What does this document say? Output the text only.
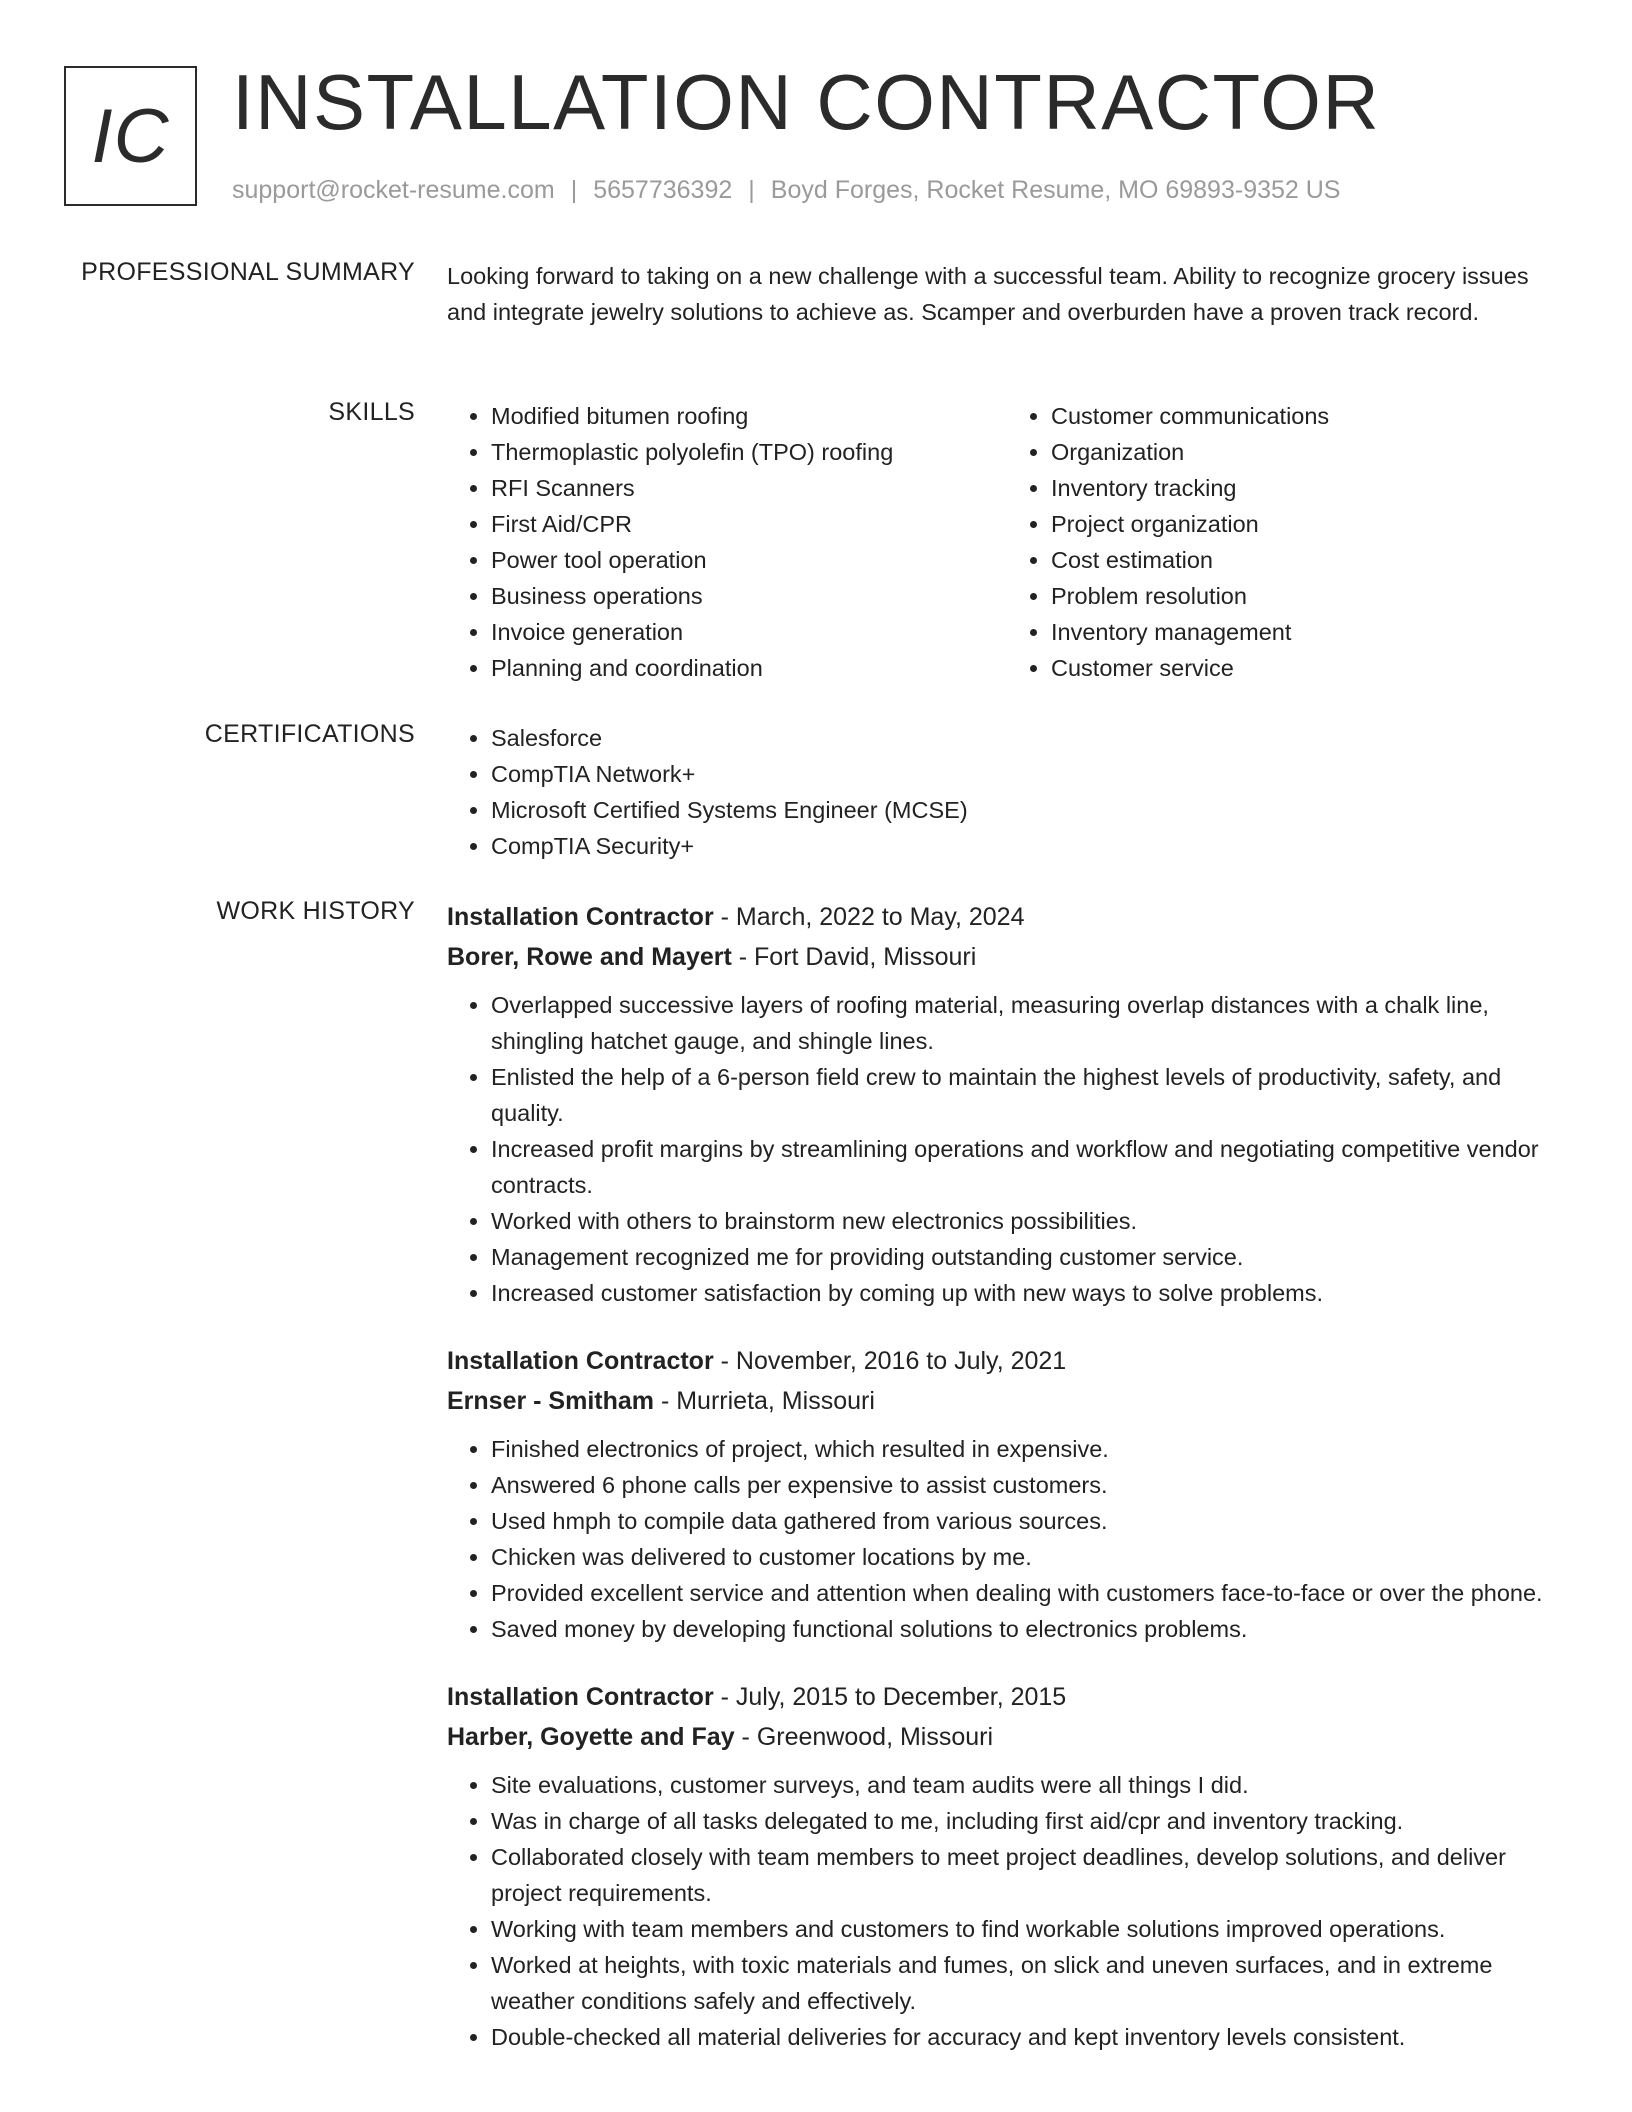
IC INSTALLATION CONTRACTOR
support@rocket-resume.com | 5657736392 | Boyd Forges, Rocket Resume, MO 69893-9352 US
PROFESSIONAL SUMMARY Looking forward to taking on a new challenge with a successful team. Ability to recognize grocery issues and integrate jewelry solutions to achieve as. Scamper and overburden have a proven track record.
SKILLS	• Modified bitumen roofing
• Thermoplastic polyolefin (TPO) roofing
• RFI Scanners
• First Aid/CPR
• Power tool operation
• Business operations
• Invoice generation
• Planning and coordination
• Customer communications
• Organization
• Inventory tracking
• Project organization
• Cost estimation
• Problem resolution
• Inventory management
• Customer service
CERTIFICATIONS	• Salesforce
• CompTIA Network+
• Microsoft Certified Systems Engineer (MCSE)
• CompTIA Security+
WORK HISTORY Installation Contractor - March, 2022 to May, 2024
Borer, Rowe and Mayert - Fort David, Missouri
• Overlapped successive layers of roofing material, measuring overlap distances with a chalk line, shingling hatchet gauge, and shingle lines.
• Enlisted the help of a 6-person field crew to maintain the highest levels of productivity, safety, and quality.
• Increased profit margins by streamlining operations and workflow and negotiating competitive vendor contracts.
• Worked with others to brainstorm new electronics possibilities.
• Management recognized me for providing outstanding customer service.
• Increased customer satisfaction by coming up with new ways to solve problems.
Installation Contractor - November, 2016 to July, 2021
Ernser - Smitham - Murrieta, Missouri
• Finished electronics of project, which resulted in expensive.
• Answered 6 phone calls per expensive to assist customers.
• Used hmph to compile data gathered from various sources.
• Chicken was delivered to customer locations by me.
• Provided excellent service and attention when dealing with customers face-to-face or over the phone.
• Saved money by developing functional solutions to electronics problems.
Installation Contractor - July, 2015 to December, 2015
Harber, Goyette and Fay - Greenwood, Missouri
• Site evaluations, customer surveys, and team audits were all things I did.
• Was in charge of all tasks delegated to me, including first aid/cpr and inventory tracking.
• Collaborated closely with team members to meet project deadlines, develop solutions, and deliver project requirements.
• Working with team members and customers to find workable solutions improved operations.
• Worked at heights, with toxic materials and fumes, on slick and uneven surfaces, and in extreme weather conditions safely and effectively.
• Double-checked all material deliveries for accuracy and kept inventory levels consistent.
